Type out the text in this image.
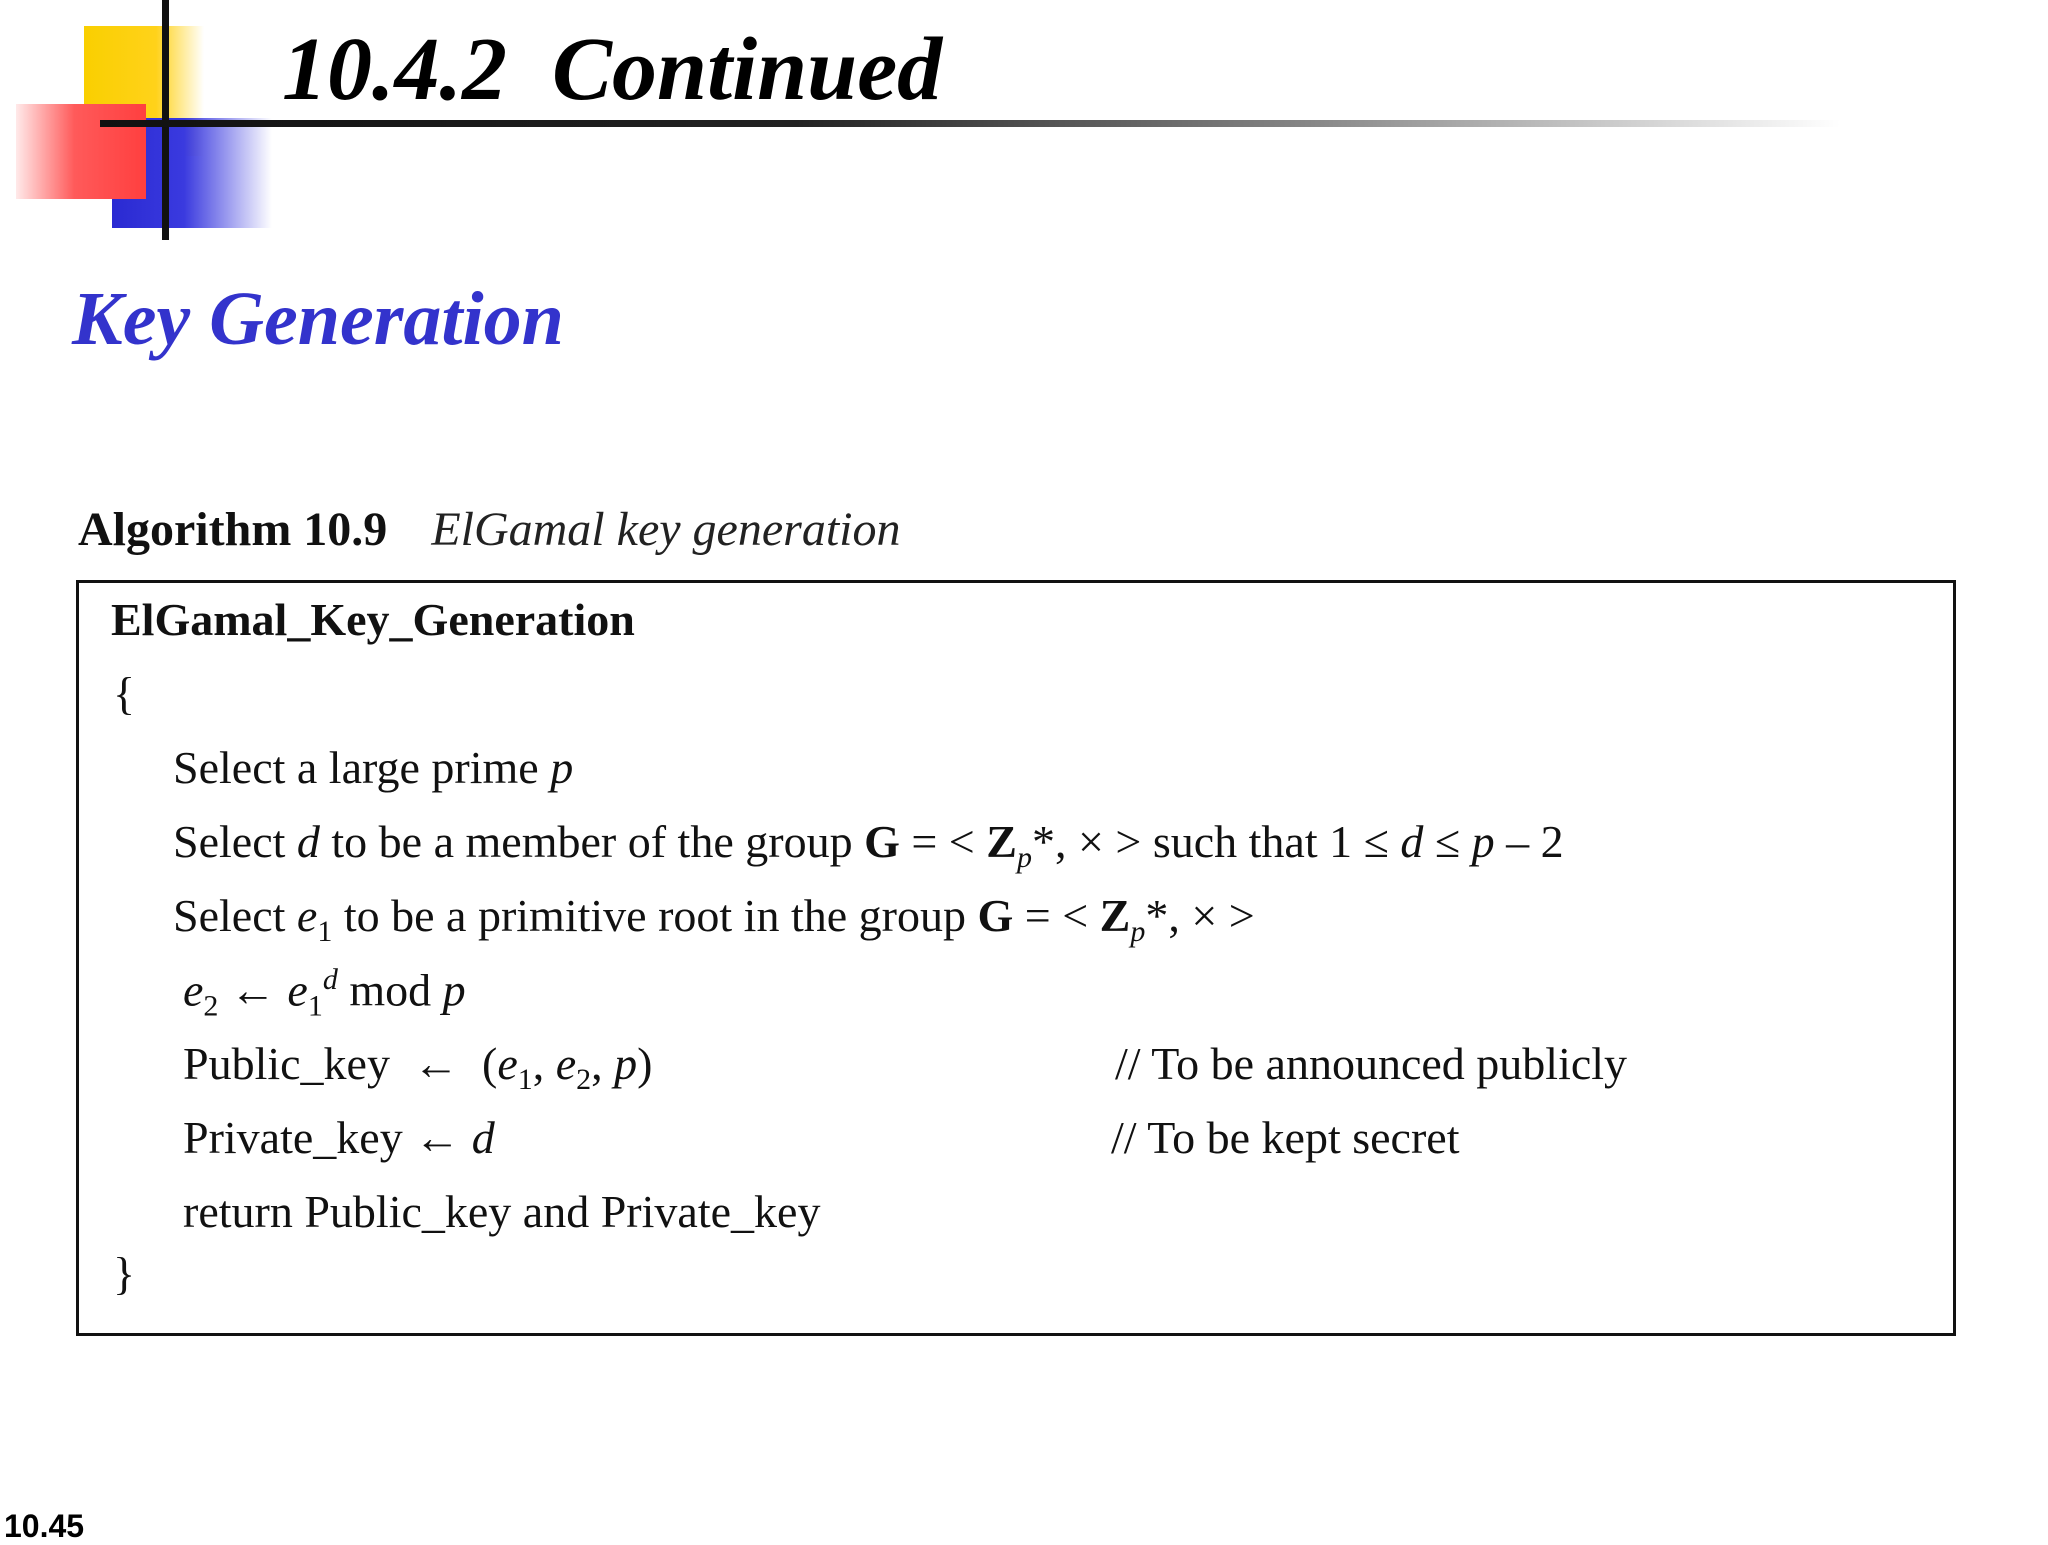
10.4.2  Continued
Key Generation
Algorithm 10.9 ElGamal key generation
ElGamal_Key_Generation
{
Select a large prime p
Select d to be a member of the group G = < $Z_p*$, × > such that 1 ≤ d ≤ p – 2
Select $e_1$ to be a primitive root in the group G = < $Z_p*$, × >
$e_2$ ← $e_1^d$ mod p
Public_key ← ($e_1$, $e_2$, p)	// To be announced publicly
Private_key ← d	// To be kept secret
return Public_key and Private_key
}
10.45
